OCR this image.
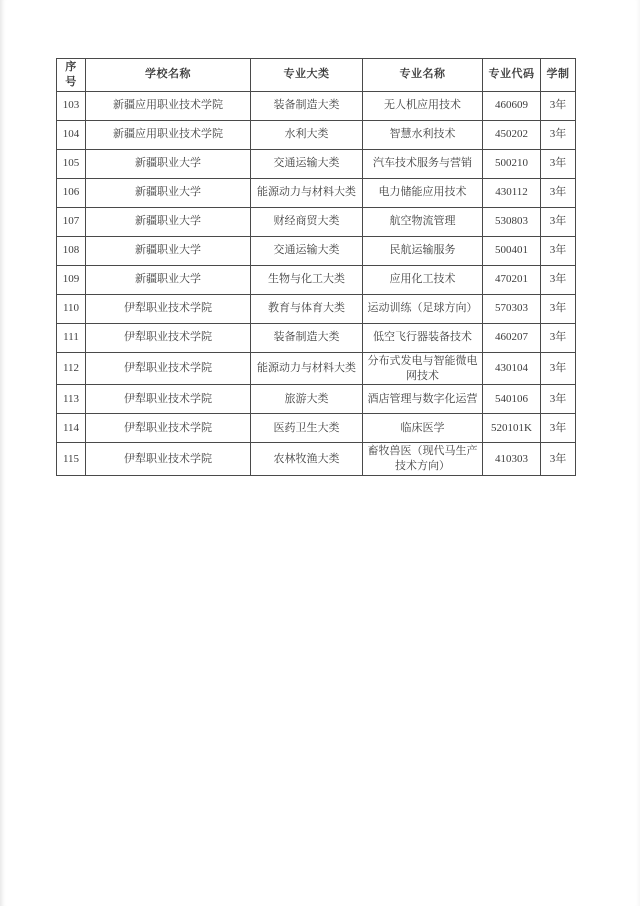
序号	学校名称	专业大类	专业名称	专业代码	学制
103	新疆应用职业技术学院	装备制造大类	无人机应用技术	460609	3年
104	新疆应用职业技术学院	水利大类	智慧水利技术	450202	3年
105	新疆职业大学	交通运输大类	汽车技术服务与营销	500210	3年
106	新疆职业大学	能源动力与材料大类	电力储能应用技术	430112	3年
107	新疆职业大学	财经商贸大类	航空物流管理	530803	3年
108	新疆职业大学	交通运输大类	民航运输服务	500401	3年
109	新疆职业大学	生物与化工大类	应用化工技术	470201	3年
110	伊犁职业技术学院	教育与体育大类	运动训练（足球方向）	570303	3年
111	伊犁职业技术学院	装备制造大类	低空飞行器装备技术	460207	3年
112	伊犁职业技术学院	能源动力与材料大类	分布式发电与智能微电网技术	430104	3年
113	伊犁职业技术学院	旅游大类	酒店管理与数字化运营	540106	3年
114	伊犁职业技术学院	医药卫生大类	临床医学	520101K	3年
115	伊犁职业技术学院	农林牧渔大类	畜牧兽医（现代马生产技术方向）	410303	3年
